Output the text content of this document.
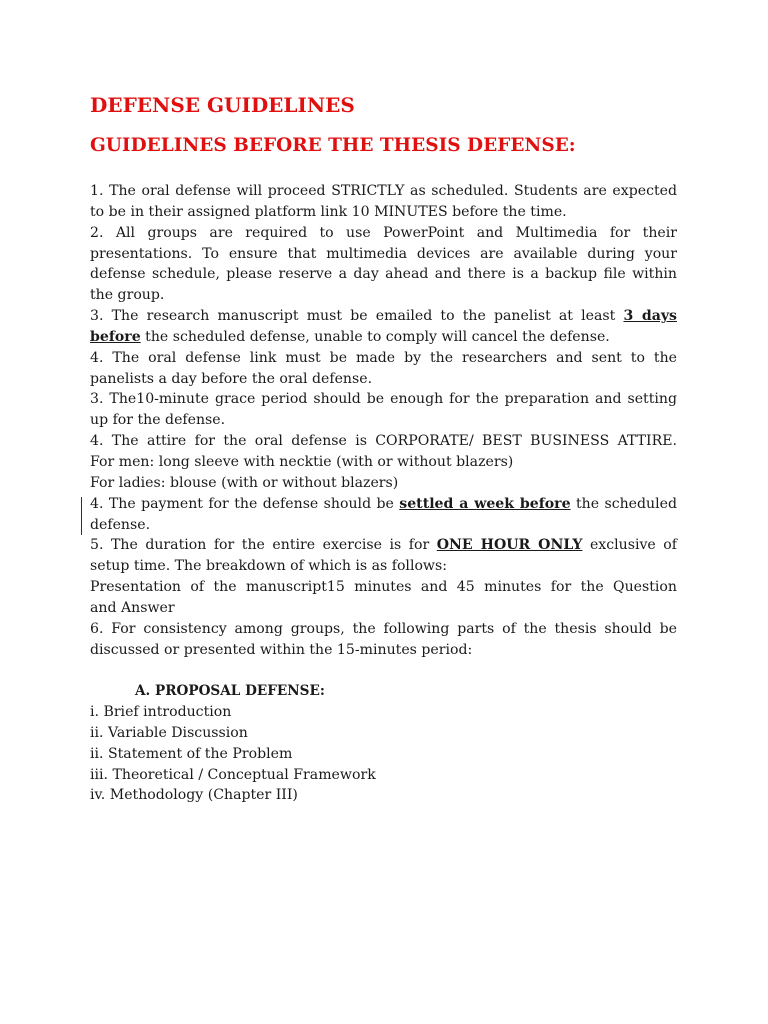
DEFENSE GUIDELINES
GUIDELINES BEFORE THE THESIS DEFENSE:

1. The oral defense will proceed STRICTLY as scheduled. Students are expected

to be in their assigned platform link 10 MINUTES before the time.

2. All groups are required to use PowerPoint and Multimedia for their

presentations. To ensure that multimedia devices are available during your

defense schedule, please reserve a day ahead and there is a backup file within

the group.

3. The research manuscript must be emailed to the panelist at least 3 days

before the scheduled defense, unable to comply will cancel the defense.

4. The oral defense link must be made by the researchers and sent to the

panelists a day before the oral defense.

3. The10-minute grace period should be enough for the preparation and setting

up for the defense.

4. The attire for the oral defense is CORPORATE/ BEST BUSINESS ATTIRE.

For men: long sleeve with necktie (with or without blazers)

For ladies: blouse (with or without blazers)

4. The payment for the defense should be settled a week before the scheduled

defense.

5. The duration for the entire exercise is for ONE HOUR ONLY exclusive of

setup time. The breakdown of which is as follows:

Presentation of the manuscript15 minutes and 45 minutes for the Question

and Answer

6. For consistency among groups, the following parts of the thesis should be

discussed or presented within the 15-minutes period:

A. PROPOSAL DEFENSE:

i. Brief introduction

ii. Variable Discussion

ii. Statement of the Problem

iii. Theoretical / Conceptual Framework

iv. Methodology (Chapter III)
